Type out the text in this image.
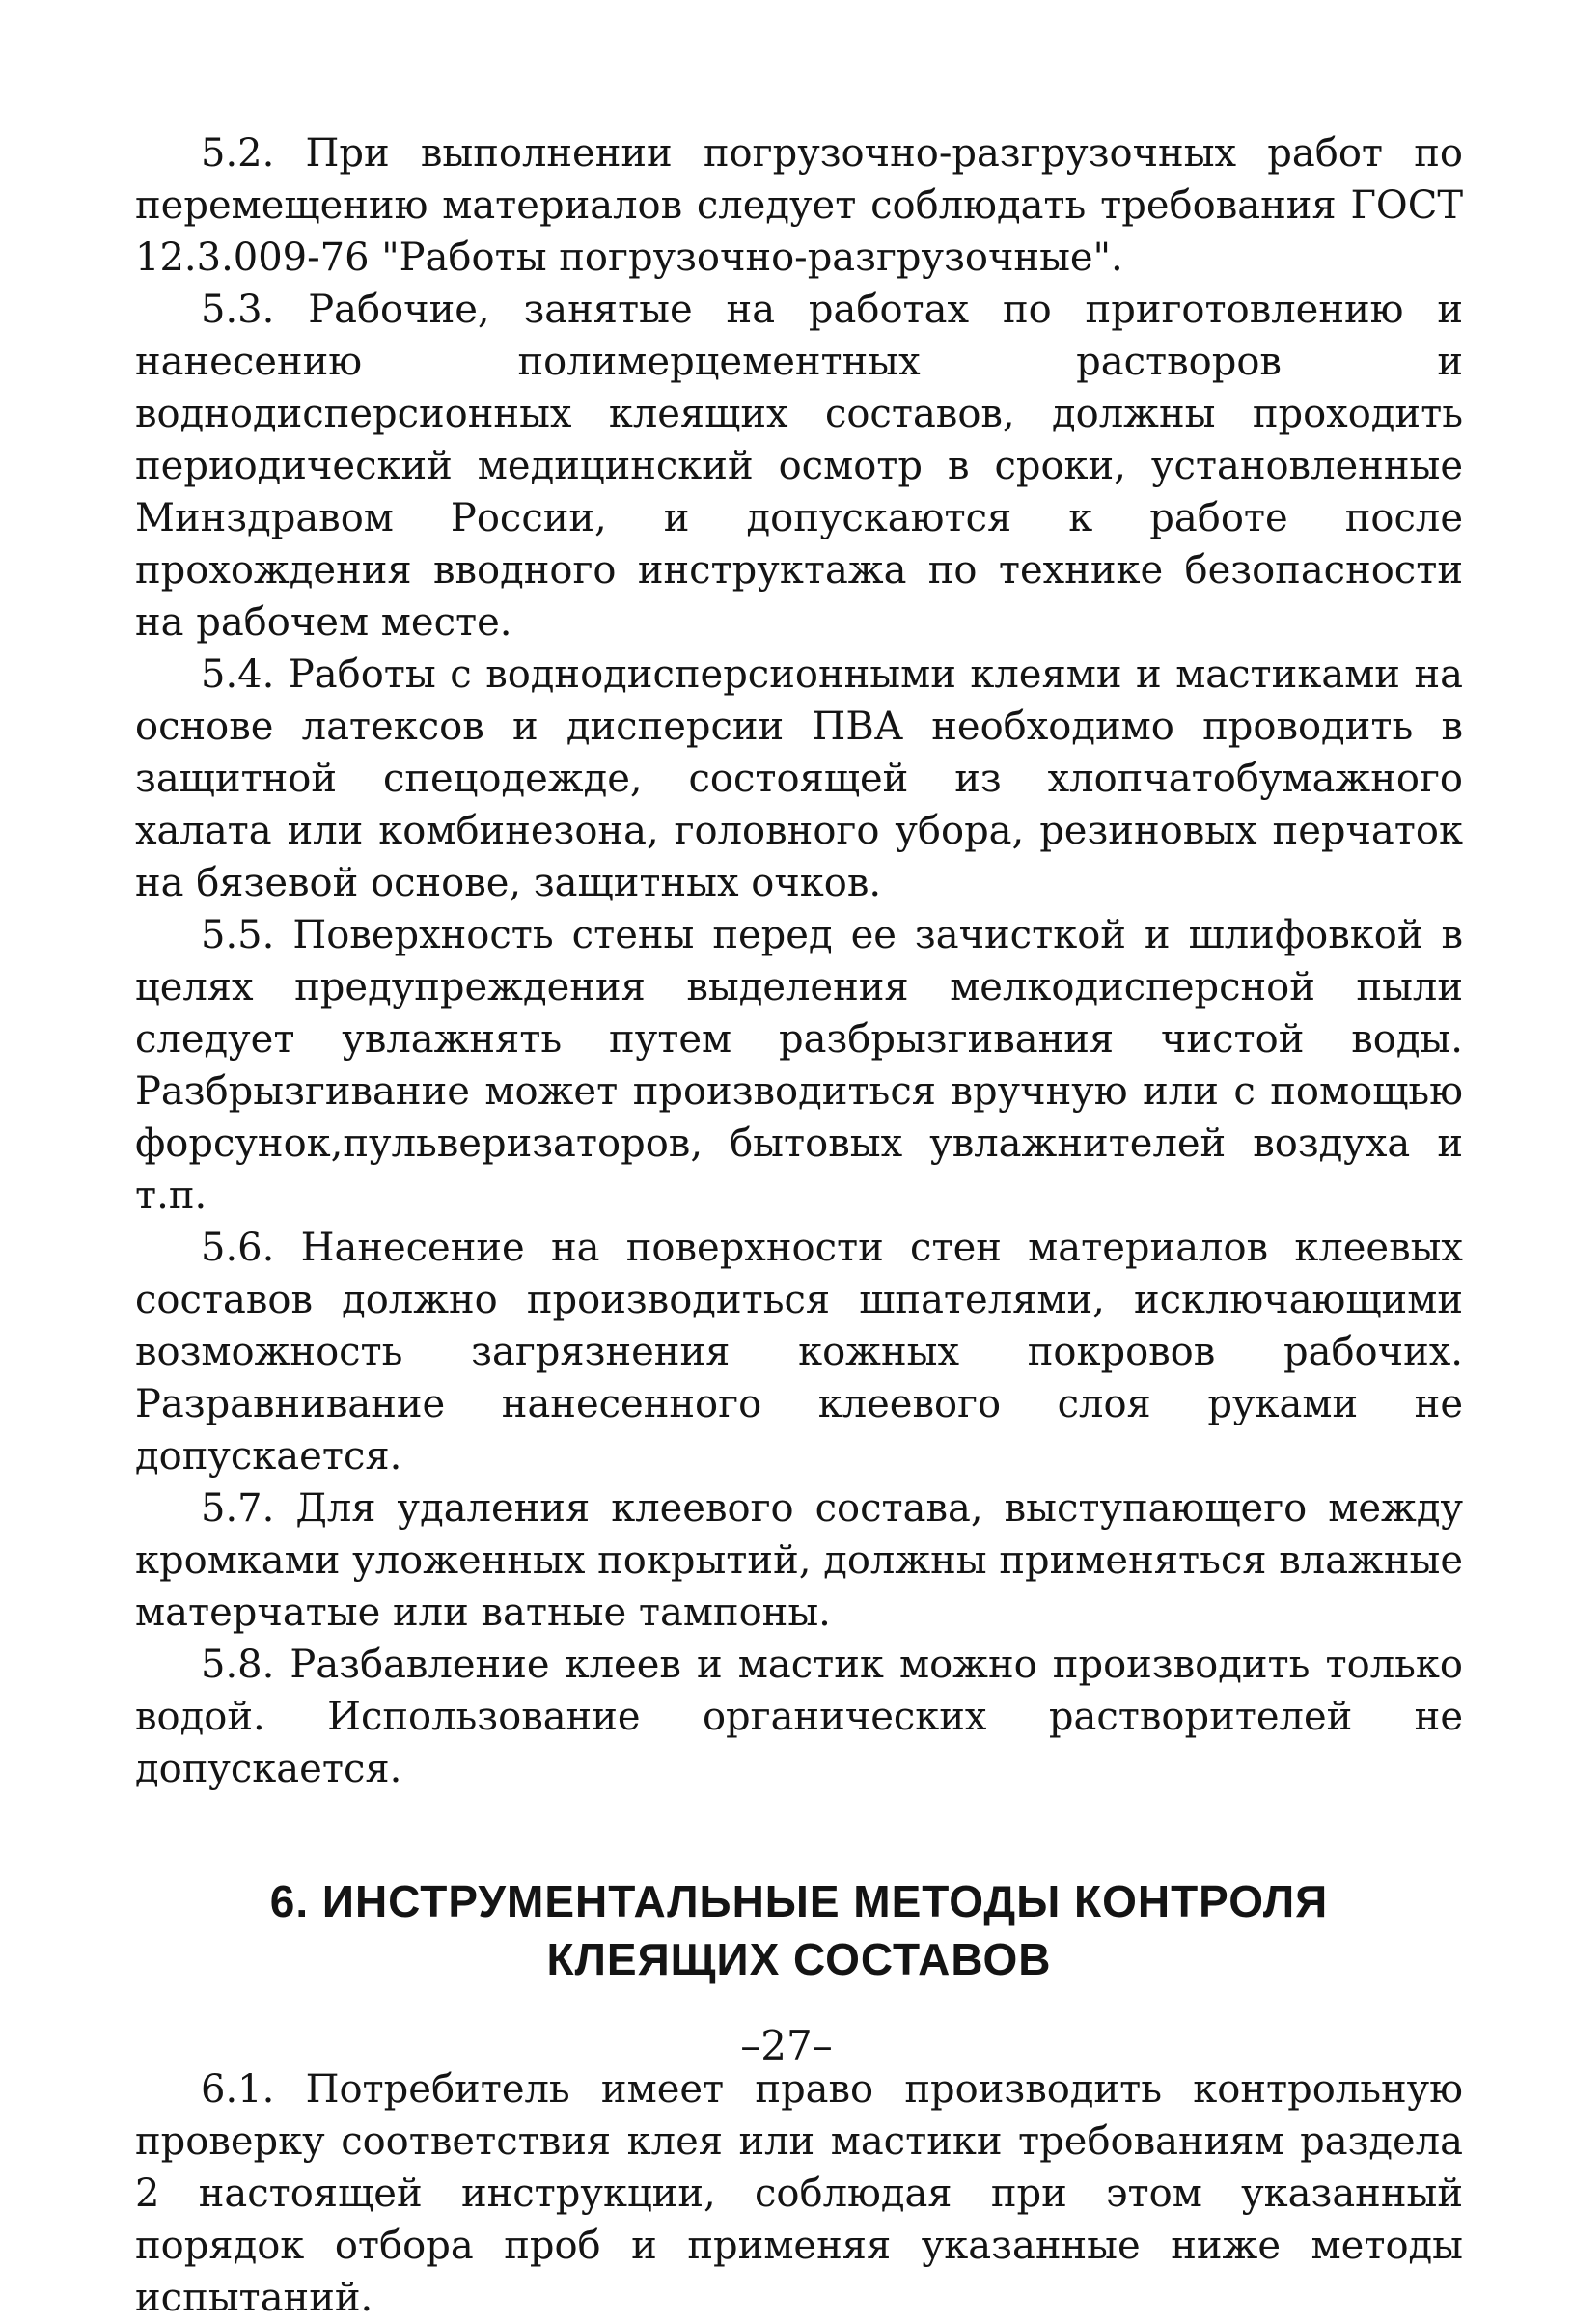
5.2. При выполнении погрузочно-разгрузочных работ по перемещению материалов следует соблюдать требования ГОСТ 12.3.009-76 "Работы погрузочно-разгрузочные".

5.3. Рабочие, занятые на работах по приготовлению и нанесению полимерцементных растворов и воднодисперсионных клеящих составов, должны проходить периодический медицинский осмотр в сроки, установленные Минздравом России, и допускаются к работе после прохождения вводного инструктажа по технике безопасности на рабочем месте.

5.4. Работы с воднодисперсионными клеями и мастиками на основе латексов и дисперсии ПВА необходимо проводить в защитной спецодежде, состоящей из хлопчатобумажного халата или комбинезона, головного убора, резиновых перчаток на бязевой основе, защитных очков.

5.5. Поверхность стены перед ее зачисткой и шлифовкой в целях предупреждения выделения мелкодисперсной пыли следует увлажнять путем разбрызгивания чистой воды. Разбрызгивание может производиться вручную или с помощью форсунок,пульверизаторов, бытовых увлажнителей воздуха и т.п.

5.6. Нанесение на поверхности стен материалов клеевых составов должно производиться шпателями, исключающими возможность загрязнения кожных покровов рабочих. Разравнивание нанесенного клеевого слоя руками не допускается.

5.7. Для удаления клеевого состава, выступающего между кромками уложенных покрытий, должны применяться влажные матерчатые или ватные тампоны.

5.8. Разбавление клеев и мастик можно производить только водой. Использование органических растворителей не допускается.

6. ИНСТРУМЕНТАЛЬНЫЕ МЕТОДЫ КОНТРОЛЯ
КЛЕЯЩИХ СОСТАВОВ

6.1. Потребитель имеет право производить контрольную проверку соответствия клея или мастики требованиям раздела 2 настоящей инструкции, соблюдая при этом указанный порядок отбора проб и применяя указанные ниже методы испытаний.

–27–
